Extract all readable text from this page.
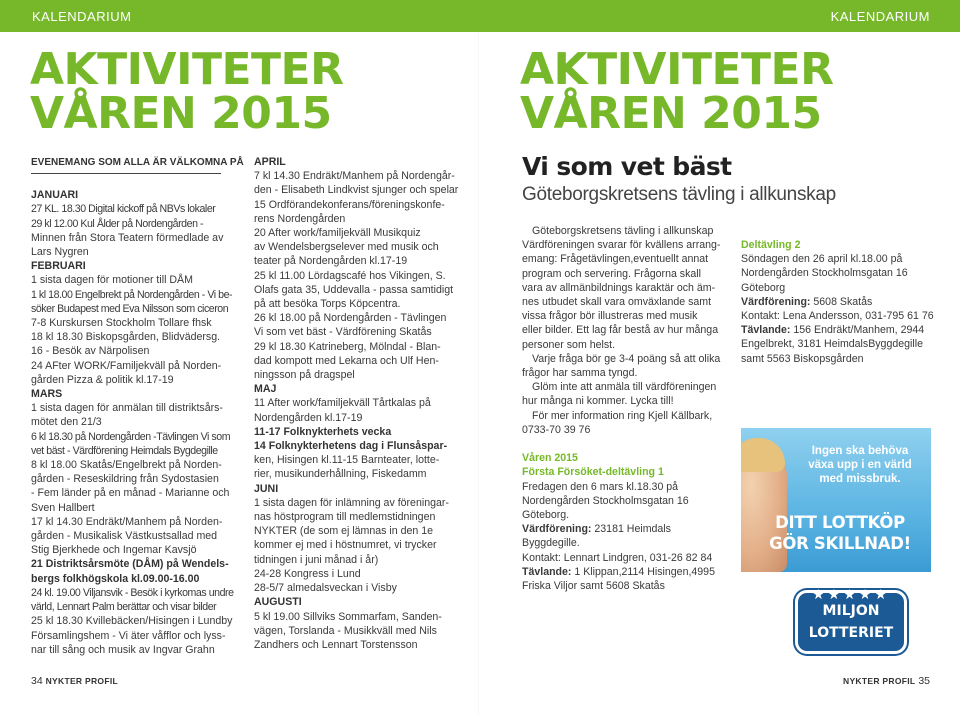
KALENDARIUM	KALENDARIUM
AKTIVITETER
VÅREN 2015
AKTIVITETER
VÅREN 2015

EVENEMANG SOM ALLA ÄR VÄLKOMNA PÅ

JANUARI

27 KL. 18.30 Digital kickoff på NBVs lokaler

29 kl 12.00 Kul Ålder på Nordengården -

Minnen från Stora Teatern förmedlade av

Lars Nygren

FEBRUARI

1 sista dagen för motioner till DÅM

1 kl 18.00 Engelbrekt på Nordengården - Vi be-

söker Budapest med Eva Nilsson som ciceron

7-8 Kurskursen Stockholm Tollare fhsk

18 kl 18.30 Biskopsgården, Blidvädersg.

16 - Besök av Närpolisen

24 AFter WORK/Familjekväll på Norden-

gården Pizza & politik kl.17-19

MARS

1 sista dagen för anmälan till distriktsårs-

mötet den 21/3

6 kl 18.30 på Nordengården -Tävlingen Vi som

vet bäst - Värdförening Heimdals Bygdegille

8 kl 18.00 Skatås/Engelbrekt på Norden-

gården - Reseskildring från Sydostasien

- Fem länder på en månad - Marianne och

Sven Hallbert

17 kl 14.30 Endräkt/Manhem på Norden-

gården - Musikalisk Västkustsallad med

Stig Bjerkhede och Ingemar Kavsjö

21 Distriktsårsmöte (DÅM) på Wendels-

bergs folkhögskola kl.09.00-16.00

24 kl. 19.00 Viljansvik - Besök i kyrkomas undre

värld, Lennart Palm berättar och visar bilder

25 kl 18.30 Kvillebäcken/Hisingen i Lundby

Församlingshem - Vi äter våfflor och lyss-

nar till sång och musik av Ingvar Grahn

APRIL

7 kl 14.30 Endräkt/Manhem på Nordengår-

den - Elisabeth Lindkvist sjunger och spelar

15 Ordförandekonferans/föreningskonfe-

rens Nordengården

20 After work/familjekväll Musikquiz

av Wendelsbergselever med musik och

teater på Nordengården kl.17-19

25 kl 11.00 Lördagscafé hos Vikingen, S.

Olafs gata 35, Uddevalla - passa samtidigt

på att besöka Torps Köpcentra.

26 kl 18.00 på Nordengården - Tävlingen

Vi som vet bäst - Värdförening Skatås

29 kl 18.30 Katrineberg, Mölndal - Blan-

dad kompott med Lekarna och Ulf Hen-

ningsson på dragspel

MAJ

11 After work/familjekväll Tårtkalas på

Nordengården kl.17-19

11-17 Folknykterhets vecka

14 Folknykterhetens dag i Flunsåspar-

ken, Hisingen kl.11-15 Barnteater, lotte-

rier, musikunderhållning, Fiskedamm

JUNI

1 sista dagen för inlämning av föreningar-

nas höstprogram till medlemstidningen

NYKTER (de som ej lämnas in den 1e

kommer ej med i höstnumret, vi trycker

tidningen i juni månad i år)

24-28 Kongress i Lund

28-5/7 almedalsveckan i Visby

AUGUSTI

5 kl 19.00 Sillviks Sommarfam, Sanden-

vägen, Torslanda - Musikkväll med Nils

Zandhers och Lennart Torstensson

Vi som vet bäst
Göteborgskretsens tävling i allkunskap

Göteborgskretsens tävling i allkunskap

Värdföreningen svarar för kvällens arrang-

emang: Frågetävlingen,eventuellt annat

program och servering. Frågorna skall

vara av allmänbildnings karaktär och äm-

nes utbudet skall vara omväxlande samt

vissa frågor bör illustreras med musik

eller bilder. Ett lag får bestå av hur många

personer som helst.

Varje fråga bör ge 3-4 poäng så att olika

frågor har samma tyngd.

Glöm inte att anmäla till värdföreningen

hur många ni kommer. Lycka till!

För mer information ring Kjell Källbark,

0733-70 39 76

Våren 2015

Första Försöket-deltävling 1

Fredagen den 6 mars kl.18.30 på

Nordengården Stockholmsgatan 16

Göteborg.

Värdförening: 23181 Heimdals

Byggdegille.

Kontakt: Lennart Lindgren, 031-26 82 84

Tävlande: 1 Klippan,2114 Hisingen,4995

Friska Viljor samt 5608 Skatås

Deltävling 2

Söndagen den 26 april kl.18.00 på

Nordengården Stockholmsgatan 16

Göteborg

Värdförening: 5608 Skatås

Kontakt: Lena Andersson, 031-795 61 76

Tävlande: 156 Endräkt/Manhem, 2944

Engelbrekt, 3181 HeimdalsByggdegille

samt 5563 Biskopsgården

Ingen ska behöva
växa upp i en värld
med missbruk.
DITT LOTTKÖP
GÖR SKILLNAD!
★★★★★
MILJON
LOTTERIET
34 NYKTER PROFIL	NYKTER PROFIL 35
